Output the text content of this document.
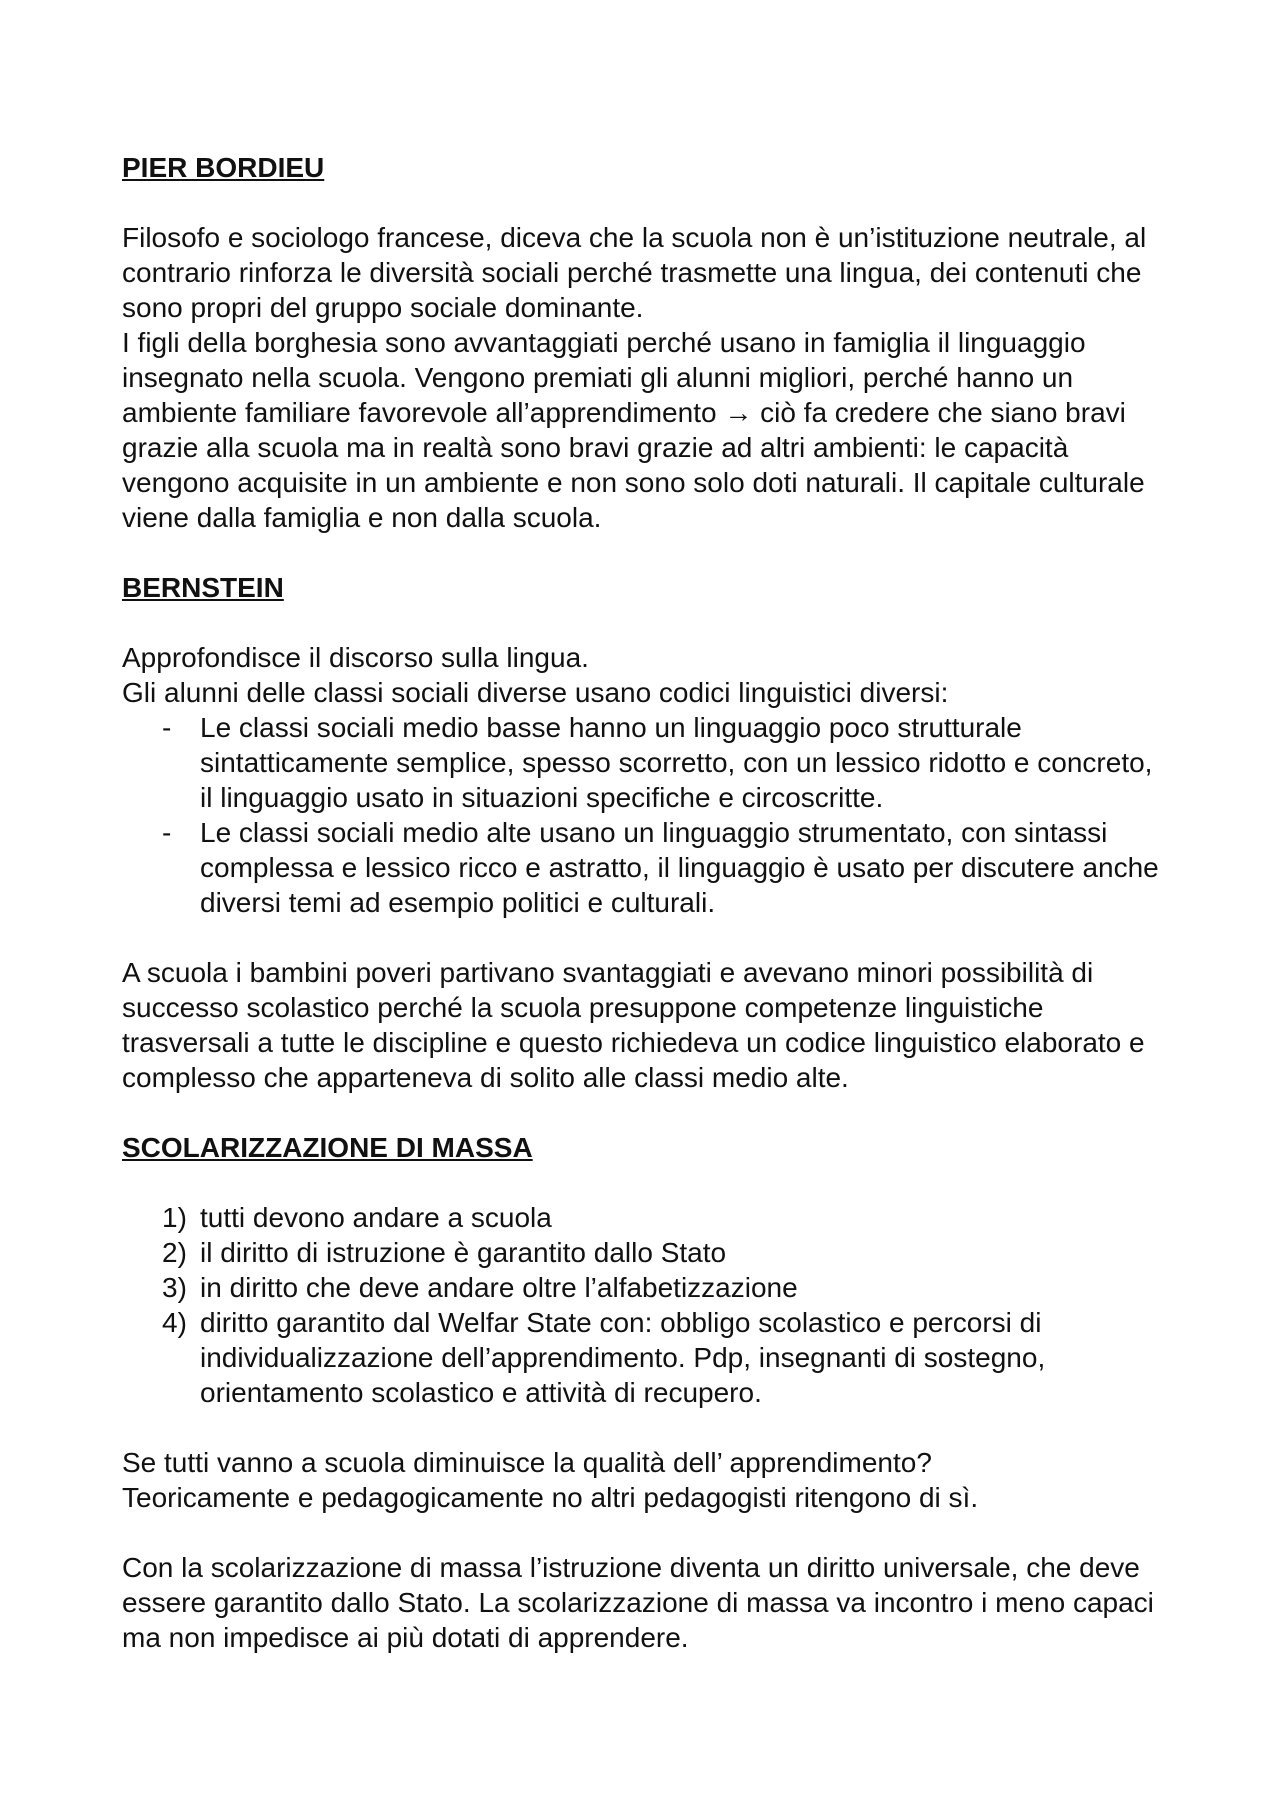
PIER BORDIEU

Filosofo e sociologo francese, diceva che la scuola non è un’istituzione neutrale, al contrario rinforza le diversità sociali perché trasmette una lingua, dei contenuti che sono propri del gruppo sociale dominante.

I figli della borghesia sono avvantaggiati perché usano in famiglia il linguaggio insegnato nella scuola. Vengono premiati gli alunni migliori, perché hanno un ambiente familiare favorevole all’apprendimento → ciò fa credere che siano bravi grazie alla scuola ma in realtà sono bravi grazie ad altri ambienti: le capacità vengono acquisite in un ambiente e non sono solo doti naturali. Il capitale culturale viene dalla famiglia e non dalla scuola.

BERNSTEIN

Approfondisce il discorso sulla lingua.

Gli alunni delle classi sociali diverse usano codici linguistici diversi:

- Le classi sociali medio basse hanno un linguaggio poco strutturale sintatticamente semplice, spesso scorretto, con un lessico ridotto e concreto, il linguaggio usato in situazioni specifiche e circoscritte.
- Le classi sociali medio alte usano un linguaggio strumentato, con sintassi complessa e lessico ricco e astratto, il linguaggio è usato per discutere anche diversi temi ad esempio politici e culturali.

A scuola i bambini poveri partivano svantaggiati e avevano minori possibilità di successo scolastico perché la scuola presuppone competenze linguistiche trasversali a tutte le discipline e questo richiedeva un codice linguistico elaborato e complesso che apparteneva di solito alle classi medio alte.

SCOLARIZZAZIONE DI MASSA
1) tutti devono andare a scuola
2) il diritto di istruzione è garantito dallo Stato
3) in diritto che deve andare oltre l’alfabetizzazione
4) diritto garantito dal Welfar State con: obbligo scolastico e percorsi di individualizzazione dell’apprendimento. Pdp, insegnanti di sostegno, orientamento scolastico e attività di recupero.

Se tutti vanno a scuola diminuisce la qualità dell’ apprendimento?

Teoricamente e pedagogicamente no altri pedagogisti ritengono di sì.

Con la scolarizzazione di massa l’istruzione diventa un diritto universale, che deve essere garantito dallo Stato. La scolarizzazione di massa va incontro i meno capaci ma non impedisce ai più dotati di apprendere.
